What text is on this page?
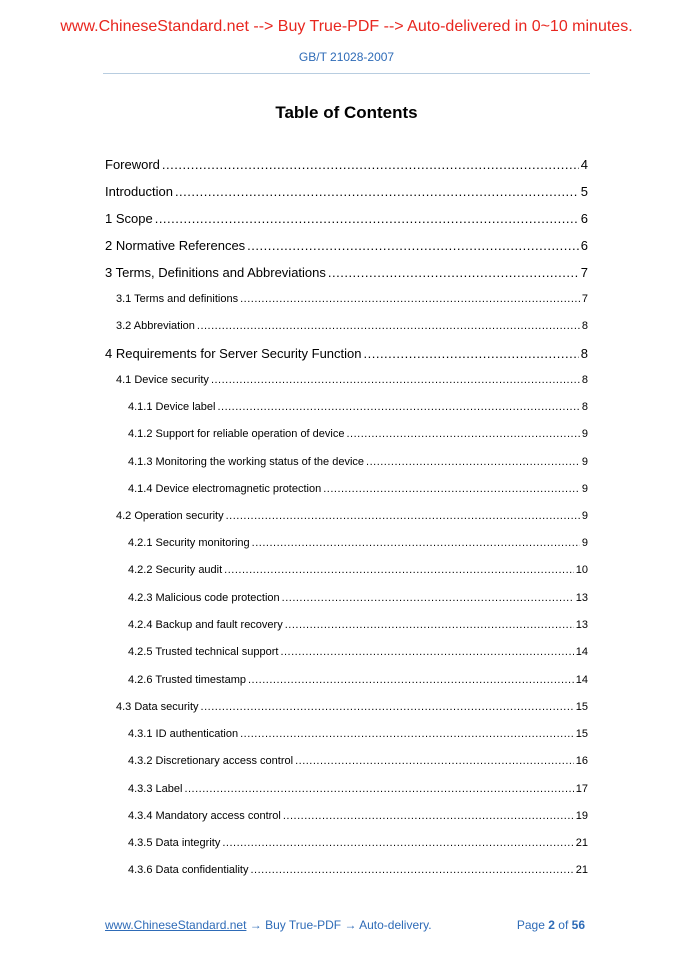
www.ChineseStandard.net --> Buy True-PDF --> Auto-delivered in 0~10 minutes.
GB/T 21028-2007
Table of Contents
Foreword .....	4
Introduction .....	5
1 Scope .....	6
2 Normative References .....	6
3 Terms, Definitions and Abbreviations .....	7
3.1 Terms and definitions .....	7
3.2 Abbreviation .....	8
4 Requirements for Server Security Function .....	8
4.1 Device security .....	8
4.1.1 Device label .....	8
4.1.2 Support for reliable operation of device .....	9
4.1.3 Monitoring the working status of the device .....	9
4.1.4 Device electromagnetic protection .....	9
4.2 Operation security .....	9
4.2.1 Security monitoring .....	9
4.2.2 Security audit .....	10
4.2.3 Malicious code protection .....	13
4.2.4 Backup and fault recovery .....	13
4.2.5 Trusted technical support .....	14
4.2.6 Trusted timestamp .....	14
4.3 Data security .....	15
4.3.1 ID authentication .....	15
4.3.2 Discretionary access control .....	16
4.3.3 Label .....	17
4.3.4 Mandatory access control .....	19
4.3.5 Data integrity .....	21
4.3.6 Data confidentiality .....	21
www.ChineseStandard.net → Buy True-PDF → Auto-delivery.	Page 2 of 56
